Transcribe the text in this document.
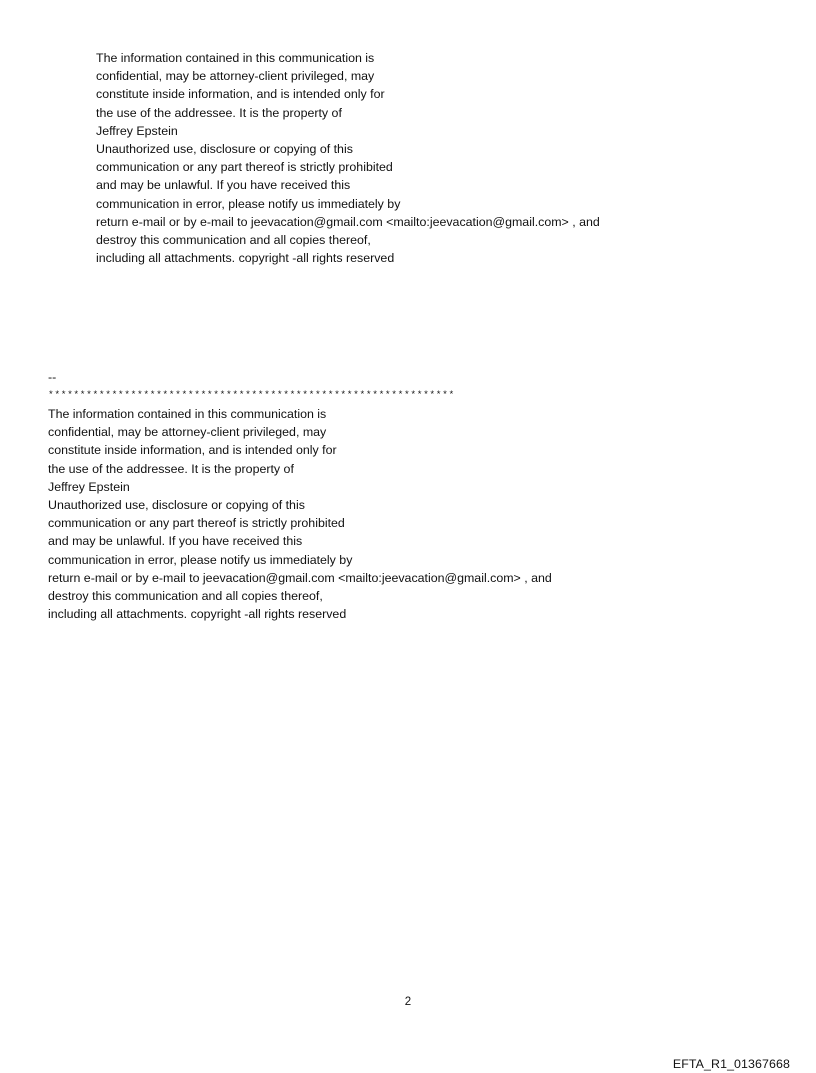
The information contained in this communication is
confidential, may be attorney-client privileged, may
constitute inside information, and is intended only for
the use of the addressee. It is the property of
Jeffrey Epstein
Unauthorized use, disclosure or copying of this
communication or any part thereof is strictly prohibited
and may be unlawful. If you have received this
communication in error, please notify us immediately by
return e-mail or by e-mail to jeevacation@gmail.com <mailto:jeevacation@gmail.com> , and
destroy this communication and all copies thereof,
including all attachments. copyright -all rights reserved
--
****************************************************************
The information contained in this communication is
confidential, may be attorney-client privileged, may
constitute inside information, and is intended only for
the use of the addressee. It is the property of
Jeffrey Epstein
Unauthorized use, disclosure or copying of this
communication or any part thereof is strictly prohibited
and may be unlawful. If you have received this
communication in error, please notify us immediately by
return e-mail or by e-mail to jeevacation@gmail.com <mailto:jeevacation@gmail.com> , and
destroy this communication and all copies thereof,
including all attachments. copyright -all rights reserved
2
EFTA_R1_01367668
